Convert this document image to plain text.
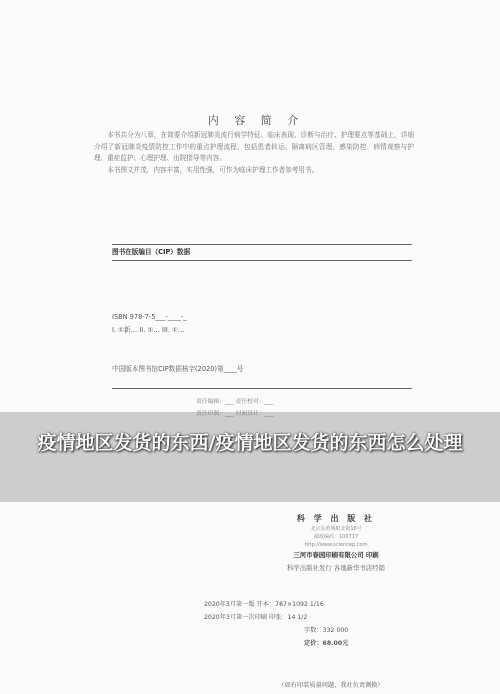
内 容 简 介

本书共分为八章，在简要介绍新冠肺炎流行病学特征、临床表现、诊断与治疗、护理要点等基础上，详细介绍了新冠肺炎疫情防控工作中的重点护理流程，包括患者转运、隔离病区管理、感染防控、病情观察与护理、重症监护、心理护理、出院指导等内容。

本书图文并茂，内容丰富，实用性强，可作为临床护理工作者参考用书。

图书在版编目（CIP）数据
ISBN 978-7-5___-____-_
I. ①新… II. ①… III. ①…
中国版本图书馆CIP数据核字(2020)第____号
责任编辑：___ 责任校对：___
责任印制：___ 封面设计：___
科 学 出 版 社
北京东黄城根北街16号
邮政编码：100717
http://www.sciencep.com
三河市春园印刷有限公司 印刷
科学出版社发行 各地新华书店经销
2020年3月第一版 开本：787×1092 1/16
2020年3月第一次印刷 印张：14 1/2
字数：332 000
定价：68.00元
（如有印装质量问题，我社负责调换）
疫情地区发货的东西/疫情地区发货的东西怎么处理
